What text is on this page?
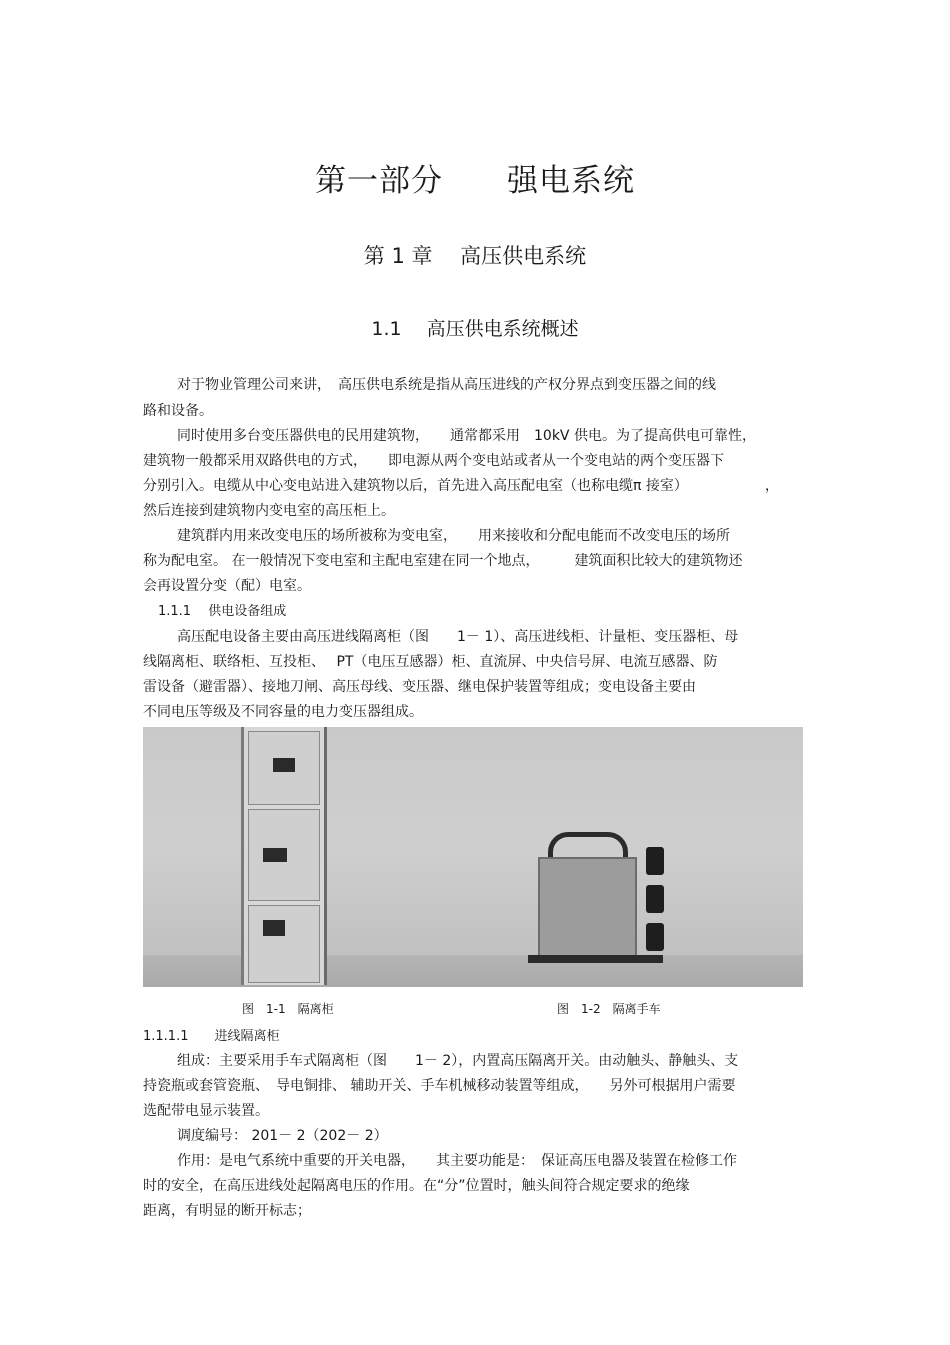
第一部分　　强电系统
第 1 章　 高压供电系统
1.1　 高压供电系统概述
对于物业管理公司来讲，　高压供电系统是指从高压进线的产权分界点到变压器之间的线
路和设备。
同时使用多台变压器供电的民用建筑物，　　通常都采用　10kV 供电。为了提高供电可靠性，
建筑物一般都采用双路供电的方式，　　即电源从两个变电站或者从一个变电站的两个变压器下
分别引入。电缆从中心变电站进入建筑物以后，首先进入高压配电室（也称电缆π 接室）　　　　　　，
然后连接到建筑物内变电室的高压柜上。
建筑群内用来改变电压的场所被称为变电室，　　用来接收和分配电能而不改变电压的场所
称为配电室。 在一般情况下变电室和主配电室建在同一个地点，　　　建筑面积比较大的建筑物还
会再设置分变（配）电室。
1.1.1　 供电设备组成
高压配电设备主要由高压进线隔离柜（图　　1－ 1）、高压进线柜、计量柜、变压器柜、母
线隔离柜、联络柜、互投柜、　 PT（电压互感器）柜、直流屏、中央信号屏、电流互感器、防
雷设备（避雷器）、接地刀闸、高压母线、变压器、继电保护装置等组成；变电设备主要由
不同电压等级及不同容量的电力变压器组成。
图　1-1　隔离柜	图　1-2　隔离手车
1.1.1.1　　进线隔离柜
组成：主要采用手车式隔离柜（图　　1－ 2），内置高压隔离开关。由动触头、静触头、支
持瓷瓶或套管瓷瓶、　导电铜排、 辅助开关、手车机械移动装置等组成，　　另外可根据用户需要
选配带电显示装置。
调度编号： 201－ 2（202－ 2）
作用：是电气系统中重要的开关电器，　　其主要功能是：　保证高压电器及装置在检修工作
时的安全，在高压进线处起隔离电压的作用。在“分”位置时，触头间符合规定要求的绝缘
距离，有明显的断开标志；
